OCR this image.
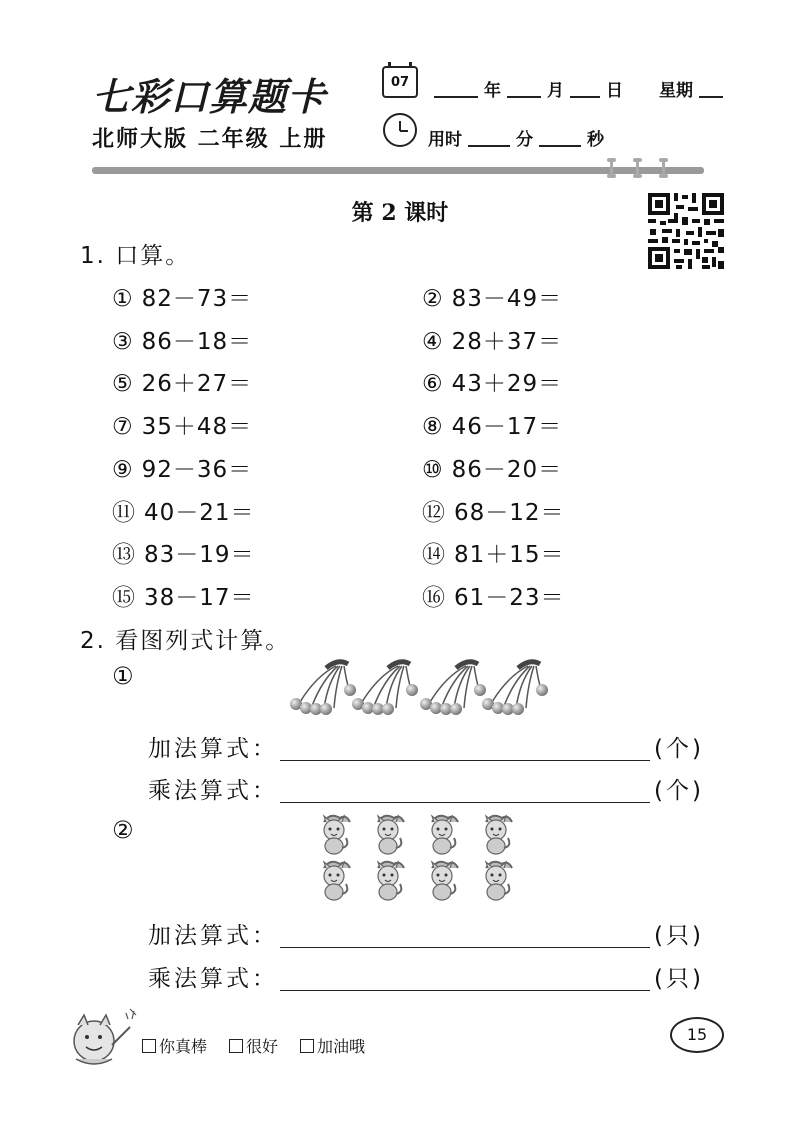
七彩口算题卡
北师大版 二年级 上册
07	年	月 日 星期
用时	分	秒
第 2 课时
1. 口算。
① 82－73＝	② 83－49＝
③ 86－18＝	④ 28＋37＝
⑤ 26＋27＝	⑥ 43＋29＝
⑦ 35＋48＝	⑧ 46－17＝
⑨ 92－36＝	⑩ 86－20＝
⑪ 40－21＝	⑫ 68－12＝
⑬ 83－19＝	⑭ 81＋15＝
⑮ 38－17＝	⑯ 61－23＝
2. 看图列式计算。
①
加法算式：	(个)
乘法算式：	(个)
②
加法算式：	(只)
乘法算式：	(只)
你真棒 很好 加油哦
15
